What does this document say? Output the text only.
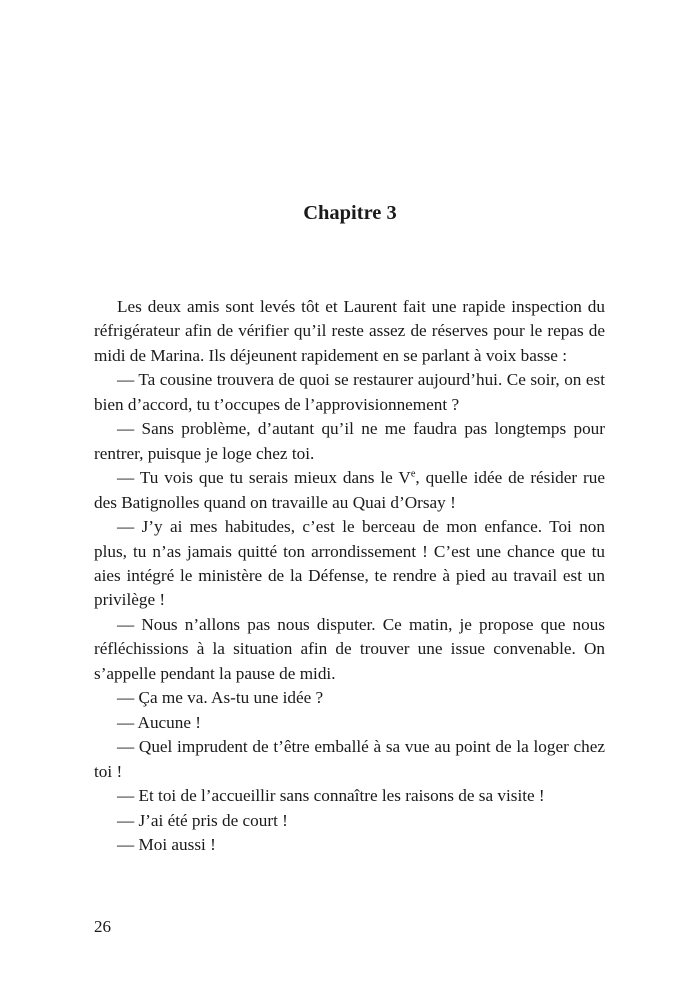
Chapitre 3

Les deux amis sont levés tôt et Laurent fait une rapide inspection du réfrigérateur afin de vérifier qu’il reste assez de réserves pour le repas de midi de Marina. Ils déjeunent rapidement en se parlant à voix basse :

— Ta cousine trouvera de quoi se restaurer aujourd’hui. Ce soir, on est bien d’accord, tu t’occupes de l’approvisionnement ?

— Sans problème, d’autant qu’il ne me faudra pas longtemps pour rentrer, puisque je loge chez toi.

— Tu vois que tu serais mieux dans le Ve, quelle idée de résider rue des Batignolles quand on travaille au Quai d’Orsay !

— J’y ai mes habitudes, c’est le berceau de mon enfance. Toi non plus, tu n’as jamais quitté ton arrondissement ! C’est une chance que tu aies intégré le ministère de la Défense, te rendre à pied au travail est un privilège !

— Nous n’allons pas nous disputer. Ce matin, je propose que nous réfléchissions à la situation afin de trouver une issue convenable. On s’appelle pendant la pause de midi.

— Ça me va. As-tu une idée ?

— Aucune !

— Quel imprudent de t’être emballé à sa vue au point de la loger chez toi !

— Et toi de l’accueillir sans connaître les raisons de sa visite !

— J’ai été pris de court !

— Moi aussi !

26
